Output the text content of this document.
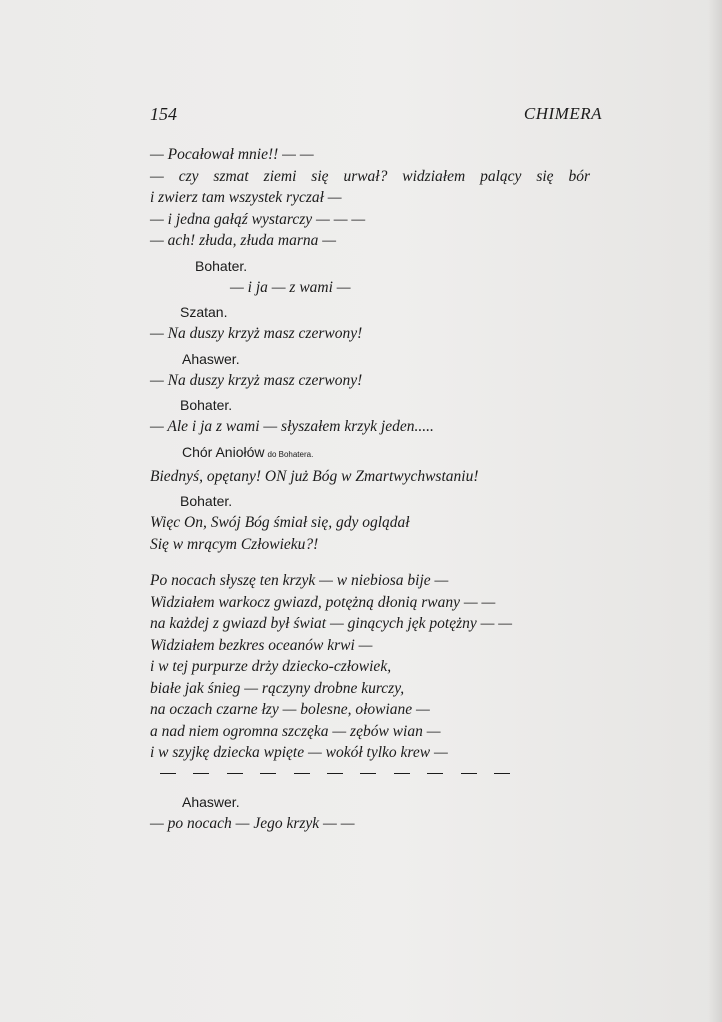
154	CHIMERA
— Pocałował mnie!! — —
— czy szmat ziemi się urwał? widziałem palący się bór
i zwierz tam wszystek ryczał —
— i jedna gałąź wystarczy — — —
— ach! złuda, złuda marna —
Bohater.
— i ja — z wami —
Szatan.
— Na duszy krzyż masz czerwony!
Ahaswer.
— Na duszy krzyż masz czerwony!
Bohater.
— Ale i ja z wami — słyszałem krzyk jeden.....
Chór Aniołów do Bohatera.
Biednyś, opętany! ON już Bóg w Zmartwychwstaniu!
Bohater.
Więc On, Swój Bóg śmiał się, gdy oglądał
Się w mrącym Człowieku?!
Po nocach słyszę ten krzyk — w niebiosa bije —
Widziałem warkocz gwiazd, potężną dłonią rwany — —
na każdej z gwiazd był świat — ginących jęk potężny — —
Widziałem bezkres oceanów krwi —
i w tej purpurze drży dziecko-człowiek,
białe jak śnieg — rączyny drobne kurczy,
na oczach czarne łzy — bolesne, ołowiane —
a nad niem ogromna szczęka — zębów wian —
i w szyjkę dziecka wpięte — wokół tylko krew —
Ahaswer.
— po nocach — Jego krzyk — —
